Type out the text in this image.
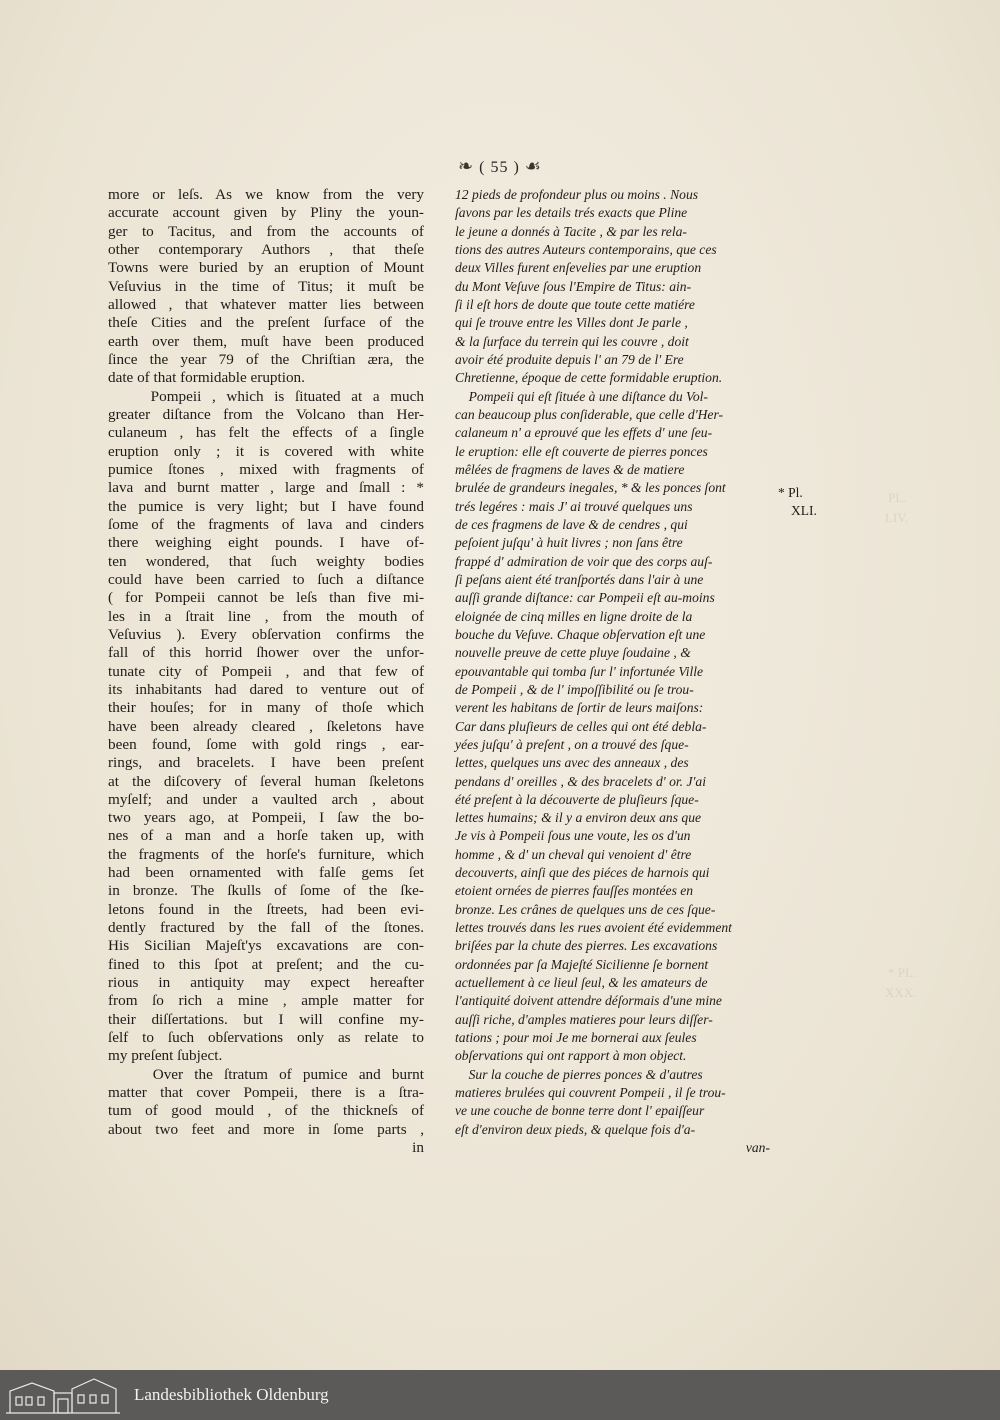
PL.
LIV.
* PL.
XXX.
❧ ( 55 ) ☙
more or leſs. As we know from the very
accurate account given by Pliny the youn-
ger to Tacitus, and from the accounts of
other contemporary Authors , that theſe
Towns were buried by an eruption of Mount
Veſuvius in the time of Titus; it muſt be
allowed , that whatever matter lies between
theſe Cities and the preſent ſurface of the
earth over them, muſt have been produced
ſince the year 79 of the Chriſtian æra, the
date of that formidable eruption.
Pompeii , which is ſituated at a much
greater diſtance from the Volcano than Her-
culaneum , has felt the effects of a ſingle
eruption only ; it is covered with white
pumice ſtones , mixed with fragments of
lava and burnt matter , large and ſmall : *
the pumice is very light; but I have found
ſome of the fragments of lava and cinders
there weighing eight pounds. I have of-
ten wondered, that ſuch weighty bodies
could have been carried to ſuch a diſtance
( for Pompeii cannot be leſs than five mi-
les in a ſtrait line , from the mouth of
Veſuvius ). Every obſervation confirms the
fall of this horrid ſhower over the unfor-
tunate city of Pompeii , and that few of
its inhabitants had dared to venture out of
their houſes; for in many of thoſe which
have been already cleared , ſkeletons have
been found, ſome with gold rings , ear-
rings, and bracelets. I have been preſent
at the diſcovery of ſeveral human ſkeletons
myſelf; and under a vaulted arch , about
two years ago, at Pompeii, I ſaw the bo-
nes of a man and a horſe taken up, with
the fragments of the horſe's furniture, which
had been ornamented with falſe gems ſet
in bronze. The ſkulls of ſome of the ſke-
letons found in the ſtreets, had been evi-
dently fractured by the fall of the ſtones.
His Sicilian Majeſt'ys excavations are con-
fined to this ſpot at preſent; and the cu-
rious in antiquity may expect hereafter
from ſo rich a mine , ample matter for
their diſſertations. but I will confine my-
ſelf to ſuch obſervations only as relate to
my preſent ſubject.
Over the ſtratum of pumice and burnt
matter that cover Pompeii, there is a ſtra-
tum of good mould , of the thickneſs of
about two feet and more in ſome parts ,
in
12 pieds de profondeur plus ou moins . Nous
ſavons par les details trés exacts que Pline
le jeune a donnés à Tacite , & par les rela-
tions des autres Auteurs contemporains, que ces
deux Villes furent enſevelies par une eruption
du Mont Veſuve ſous l'Empire de Titus: ain-
ſi il eſt hors de doute que toute cette matiére
qui ſe trouve entre les Villes dont Je parle ,
& la ſurface du terrein qui les couvre , doit
avoir été produite depuis l' an 79 de l' Ere
Chretienne, époque de cette formidable eruption.
Pompeii qui eſt ſituée à une diſtance du Vol-
can beaucoup plus conſiderable, que celle d'Her-
calaneum n' a eprouvé que les effets d' une ſeu-
le eruption: elle eſt couverte de pierres ponces
mêlées de fragmens de laves & de matiere
brulée de grandeurs inegales, * & les ponces ſont
trés legéres : mais J' ai trouvé quelques uns
de ces fragmens de lave & de cendres , qui
peſoient juſqu' à huit livres ; non ſans être
frappé d' admiration de voir que des corps auſ-
ſi peſans aient été tranſportés dans l'air à une
auſſi grande diſtance: car Pompeii eſt au-moins
eloignée de cinq milles en ligne droite de la
bouche du Veſuve. Chaque obſervation eſt une
nouvelle preuve de cette pluye ſoudaine , &
epouvantable qui tomba ſur l' infortunée Ville
de Pompeii , & de l' impoſſibilité ou ſe trou-
verent les habitans de ſortir de leurs maiſons:
Car dans pluſieurs de celles qui ont été debla-
yées juſqu' à preſent , on a trouvé des ſque-
lettes, quelques uns avec des anneaux , des
pendans d' oreilles , & des bracelets d' or. J'ai
été preſent à la découverte de pluſieurs ſque-
lettes humains; & il y a environ deux ans que
Je vis à Pompeii ſous une voute, les os d'un
homme , & d' un cheval qui venoient d' être
decouverts, ainſi que des piéces de harnois qui
etoient ornées de pierres fauſſes montées en
bronze. Les crânes de quelques uns de ces ſque-
lettes trouvés dans les rues avoient été evidemment
briſées par la chute des pierres. Les excavations
ordonnées par ſa Majeſté Sicilienne ſe bornent
actuellement à ce lieul ſeul, & les amateurs de
l'antiquité doivent attendre déſormais d'une mine
auſſi riche, d'amples matieres pour leurs diſſer-
tations ; pour moi Je me bornerai aux ſeules
obſervations qui ont rapport à mon object.
Sur la couche de pierres ponces & d'autres
matieres brulées qui couvrent Pompeii , il ſe trou-
ve une couche de bonne terre dont l' epaiſſeur
eſt d'environ deux pieds, & quelque fois d'a-
van-
* Pl.
XLI.
Landesbibliothek Oldenburg
